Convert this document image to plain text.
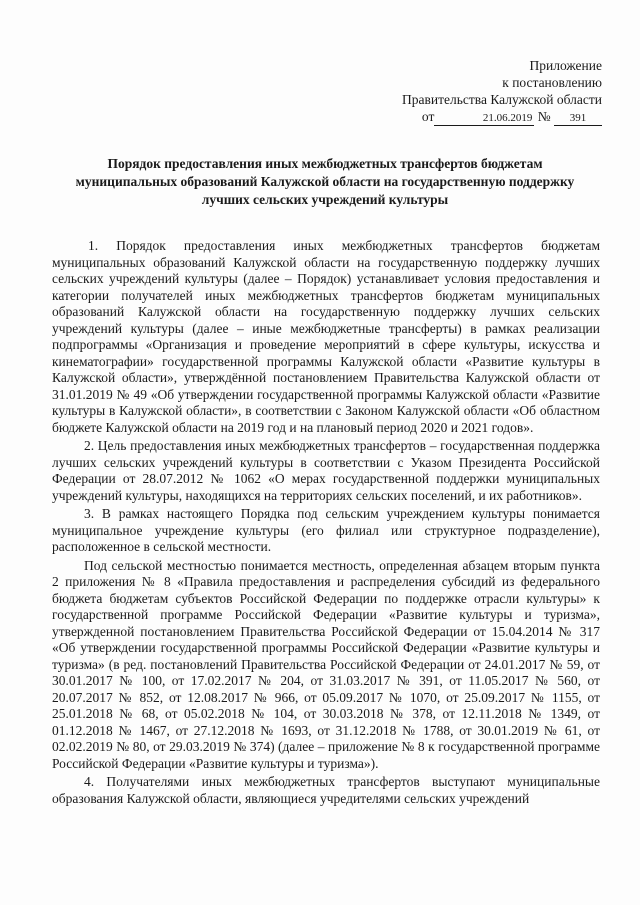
Приложение
к постановлению
Правительства Калужской области
от	21.06.2019 № 391
Порядок предоставления иных межбюджетных трансфертов бюджетам муниципальных образований Калужской области на государственную поддержку лучших сельских учреждений культуры

1. Порядок предоставления иных межбюджетных трансфертов бюджетам муниципальных образований Калужской области на государственную поддержку лучших сельских учреждений культуры (далее – Порядок) устанавливает условия предоставления и категории получателей иных межбюджетных трансфертов бюджетам муниципальных образований Калужской области на государственную поддержку лучших сельских учреждений культуры (далее – иные межбюджетные трансферты) в рамках реализации подпрограммы «Организация и проведение мероприятий в сфере культуры, искусства и кинематографии» государственной программы Калужской области «Развитие культуры в Калужской области», утверждённой постановлением Правительства Калужской области от 31.01.2019 № 49 «Об утверждении государственной программы Калужской области «Развитие культуры в Калужской области», в соответствии с Законом Калужской области «Об областном бюджете Калужской области на 2019 год и на плановый период 2020 и 2021 годов».

2. Цель предоставления иных межбюджетных трансфертов – государственная поддержка лучших сельских учреждений культуры в соответствии с Указом Президента Российской Федерации от 28.07.2012 № 1062 «О мерах государственной поддержки муниципальных учреждений культуры, находящихся на территориях сельских поселений, и их работников».

3. В рамках настоящего Порядка под сельским учреждением культуры понимается муниципальное учреждение культуры (его филиал или структурное подразделение), расположенное в сельской местности.

Под сельской местностью понимается местность, определенная абзацем вторым пункта 2 приложения № 8 «Правила предоставления и распределения субсидий из федерального бюджета бюджетам субъектов Российской Федерации по поддержке отрасли культуры» к государственной программе Российской Федерации «Развитие культуры и туризма», утвержденной постановлением Правительства Российской Федерации от 15.04.2014 № 317 «Об утверждении государственной программы Российской Федерации «Развитие культуры и туризма» (в ред. постановлений Правительства Российской Федерации от 24.01.2017 № 59, от 30.01.2017 № 100, от 17.02.2017 № 204, от 31.03.2017 № 391, от 11.05.2017 № 560, от 20.07.2017 № 852, от 12.08.2017 № 966, от 05.09.2017 № 1070, от 25.09.2017 № 1155, от 25.01.2018 № 68, от 05.02.2018 № 104, от 30.03.2018 № 378, от 12.11.2018 № 1349, от 01.12.2018 № 1467, от 27.12.2018 № 1693, от 31.12.2018 № 1788, от 30.01.2019 № 61, от 02.02.2019 № 80, от 29.03.2019 № 374) (далее – приложение № 8 к государственной программе Российской Федерации «Развитие культуры и туризма»).

4. Получателями иных межбюджетных трансфертов выступают муниципальные образования Калужской области, являющиеся учредителями сельских учреждений
